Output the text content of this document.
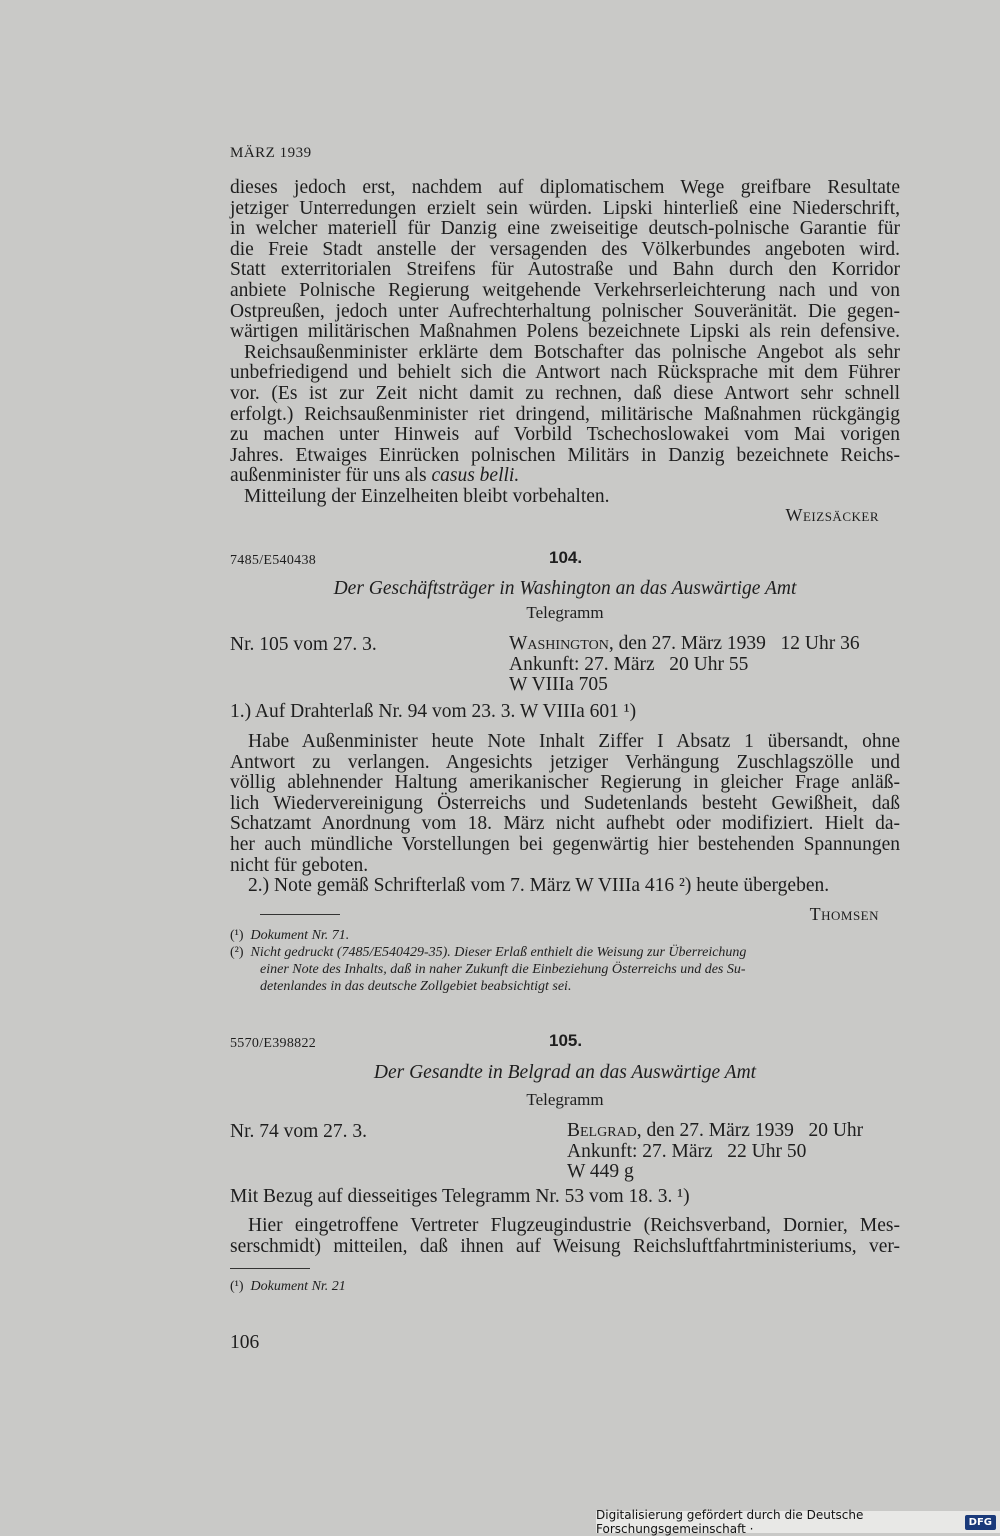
MÄRZ 1939
dieses jedoch erst, nachdem auf diplomatischem Wege greifbare Resultate
jetziger Unterredungen erzielt sein würden. Lipski hinterließ eine Niederschrift,
in welcher materiell für Danzig eine zweiseitige deutsch-polnische Garantie für
die Freie Stadt anstelle der versagenden des Völkerbundes angeboten wird.
Statt exterritorialen Streifens für Autostraße und Bahn durch den Korridor
anbiete Polnische Regierung weitgehende Verkehrserleichterung nach und von
Ostpreußen, jedoch unter Aufrechterhaltung polnischer Souveränität. Die gegen-
wärtigen militärischen Maßnahmen Polens bezeichnete Lipski als rein defensive.
Reichsaußenminister erklärte dem Botschafter das polnische Angebot als sehr
unbefriedigend und behielt sich die Antwort nach Rücksprache mit dem Führer
vor. (Es ist zur Zeit nicht damit zu rechnen, daß diese Antwort sehr schnell
erfolgt.) Reichsaußenminister riet dringend, militärische Maßnahmen rückgängig
zu machen unter Hinweis auf Vorbild Tschechoslowakei vom Mai vorigen
Jahres. Etwaiges Einrücken polnischen Militärs in Danzig bezeichnete Reichs-
außenminister für uns als casus belli.
Mitteilung der Einzelheiten bleibt vorbehalten.
Weizsäcker
7485/E540438	104.
Der Geschäftsträger in Washington an das Auswärtige Amt
Telegramm
Nr. 105 vom 27. 3.	Washington, den 27. März 1939   12 Uhr 36
Ankunft: 27. März   20 Uhr 55
W VIIIa 705
1.) Auf Drahterlaß Nr. 94 vom 23. 3. W VIIIa 601 ¹)
Habe Außenminister heute Note Inhalt Ziffer I Absatz 1 übersandt, ohne
Antwort zu verlangen. Angesichts jetziger Verhängung Zuschlagszölle und
völlig ablehnender Haltung amerikanischer Regierung in gleicher Frage anläß-
lich Wiedervereinigung Österreichs und Sudetenlands besteht Gewißheit, daß
Schatzamt Anordnung vom 18. März nicht aufhebt oder modifiziert. Hielt da-
her auch mündliche Vorstellungen bei gegenwärtig hier bestehenden Spannungen
nicht für geboten.
2.) Note gemäß Schrifterlaß vom 7. März W VIIIa 416 ²) heute übergeben.
Thomsen
(¹) Dokument Nr. 71.
(²) Nicht gedruckt (7485/E540429-35). Dieser Erlaß enthielt die Weisung zur Überreichung
einer Note des Inhalts, daß in naher Zukunft die Einbeziehung Österreichs und des Su-
detenlandes in das deutsche Zollgebiet beabsichtigt sei.
5570/E398822	105.
Der Gesandte in Belgrad an das Auswärtige Amt
Telegramm
Nr. 74 vom 27. 3.	Belgrad, den 27. März 1939   20 Uhr
Ankunft: 27. März   22 Uhr 50
W 449 g
Mit Bezug auf diesseitiges Telegramm Nr. 53 vom 18. 3. ¹)
Hier eingetroffene Vertreter Flugzeugindustrie (Reichsverband, Dornier, Mes-
serschmidt) mitteilen, daß ihnen auf Weisung Reichsluftfahrtministeriums, ver-
(¹) Dokument Nr. 21
106
Digitalisierung gefördert durch die Deutsche Forschungsgemeinschaft ·	DFG
